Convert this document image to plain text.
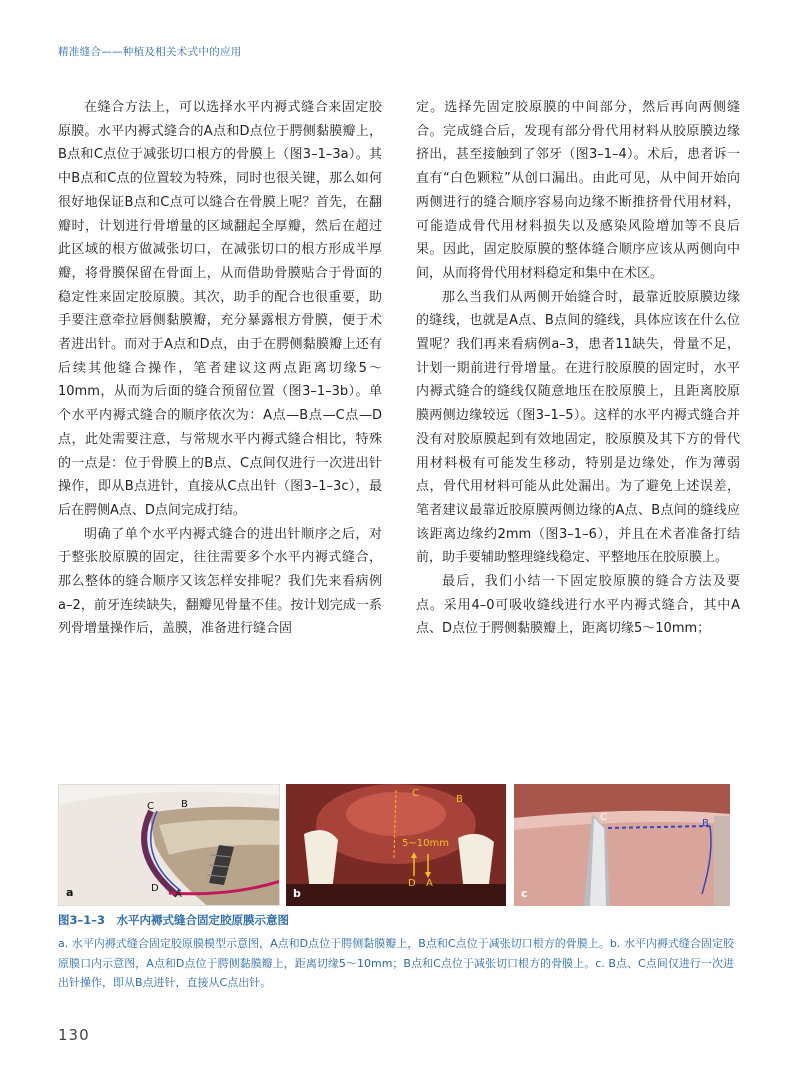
精准缝合——种植及相关术式中的应用

在缝合方法上，可以选择水平内褥式缝合来固定胶原膜。水平内褥式缝合的A点和D点位于腭侧黏膜瓣上，B点和C点位于减张切口根方的骨膜上（图3–1–3a）。其中B点和C点的位置较为特殊，同时也很关键，那么如何很好地保证B点和C点可以缝合在骨膜上呢？首先，在翻瓣时，计划进行骨增量的区域翻起全厚瓣，然后在超过此区域的根方做减张切口，在减张切口的根方形成半厚瓣，将骨膜保留在骨面上，从而借助骨膜贴合于骨面的稳定性来固定胶原膜。其次，助手的配合也很重要，助手要注意牵拉唇侧黏膜瓣，充分暴露根方骨膜，便于术者进出针。而对于A点和D点，由于在腭侧黏膜瓣上还有后续其他缝合操作，笔者建议这两点距离切缘5～10mm，从而为后面的缝合预留位置（图3–1–3b）。单个水平内褥式缝合的顺序依次为：A点—B点—C点—D点，此处需要注意，与常规水平内褥式缝合相比，特殊的一点是：位于骨膜上的B点、C点间仅进行一次进出针操作，即从B点进针，直接从C点出针（图3–1–3c），最后在腭侧A点、D点间完成打结。

明确了单个水平内褥式缝合的进出针顺序之后，对于整张胶原膜的固定，往往需要多个水平内褥式缝合，那么整体的缝合顺序又该怎样安排呢？我们先来看病例a–2，前牙连续缺失，翻瓣见骨量不佳。按计划完成一系列骨增量操作后，盖膜，准备进行缝合固

定。选择先固定胶原膜的中间部分，然后再向两侧缝合。完成缝合后，发现有部分骨代用材料从胶原膜边缘挤出，甚至接触到了邻牙（图3–1–4）。术后，患者诉一直有“白色颗粒”从创口漏出。由此可见，从中间开始向两侧进行的缝合顺序容易向边缘不断推挤骨代用材料，可能造成骨代用材料损失以及感染风险增加等不良后果。因此，固定胶原膜的整体缝合顺序应该从两侧向中间，从而将骨代用材料稳定和集中在术区。

那么当我们从两侧开始缝合时，最靠近胶原膜边缘的缝线，也就是A点、B点间的缝线，具体应该在什么位置呢？我们再来看病例a–3，患者11缺失，骨量不足，计划一期前进行骨增量。在进行胶原膜的固定时，水平内褥式缝合的缝线仅随意地压在胶原膜上，且距离胶原膜两侧边缘较远（图3–1–5）。这样的水平内褥式缝合并没有对胶原膜起到有效地固定，胶原膜及其下方的骨代用材料极有可能发生移动，特别是边缘处，作为薄弱点，骨代用材料可能从此处漏出。为了避免上述误差，笔者建议最靠近胶原膜两侧边缘的A点、B点间的缝线应该距离边缘约2mm（图3–1–6），并且在术者准备打结前，助手要辅助整理缝线稳定、平整地压在胶原膜上。

最后，我们小结一下固定胶原膜的缝合方法及要点。采用4–0可吸收缝线进行水平内褥式缝合，其中A点、D点位于腭侧黏膜瓣上，距离切缘5～10mm；

C	B
D
A
a
C
B
5~10mm
D A
b
C
B
c
图3–1–3　水平内褥式缝合固定胶原膜示意图
a. 水平内褥式缝合固定胶原膜模型示意图，A点和D点位于腭侧黏膜瓣上，B点和C点位于减张切口根方的骨膜上。b. 水平内褥式缝合固定胶原膜口内示意图，A点和D点位于腭侧黏膜瓣上，距离切缘5～10mm；B点和C点位于减张切口根方的骨膜上。c. B点、C点间仅进行一次进出针操作，即从B点进针，直接从C点出针。
130
